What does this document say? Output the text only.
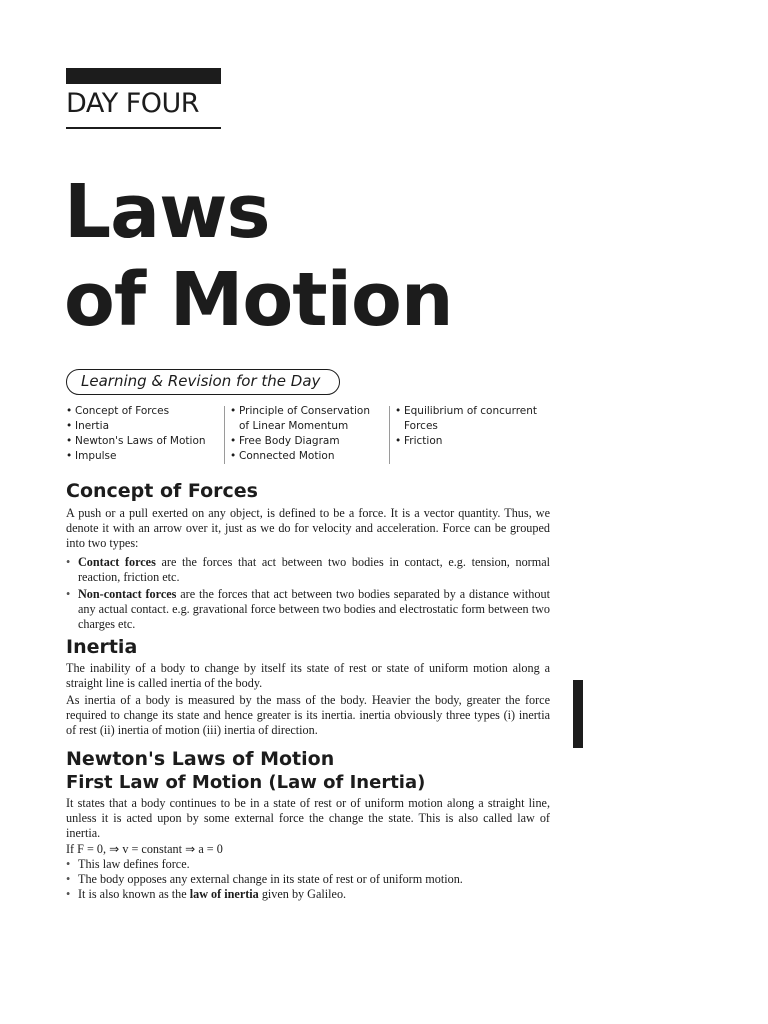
DAY FOUR
Laws
of Motion
Learning & Revision for the Day
• Concept of Forces
• Inertia
• Newton's Laws of Motion
• Impulse
• Principle of Conservation of Linear Momentum
• Free Body Diagram
• Connected Motion
• Equilibrium of concurrent Forces
• Friction
Concept of Forces

A push or a pull exerted on any object, is defined to be a force. It is a vector quantity. Thus, we denote it with an arrow over it, just as we do for velocity and acceleration. Force can be grouped into two types:

• Contact forces are the forces that act between two bodies in contact, e.g. tension, normal reaction, friction etc.
• Non-contact forces are the forces that act between two bodies separated by a distance without any actual contact. e.g. gravational force between two bodies and electrostatic form between two charges etc.
Inertia

The inability of a body to change by itself its state of rest or state of uniform motion along a straight line is called inertia of the body.

As inertia of a body is measured by the mass of the body. Heavier the body, greater the force required to change its state and hence greater is its inertia. inertia obviously three types (i) inertia of rest (ii) inertia of motion (iii) inertia of direction.

Newton's Laws of Motion
First Law of Motion (Law of Inertia)

It states that a body continues to be in a state of rest or of uniform motion along a straight line, unless it is acted upon by some external force the change the state. This is also called law of inertia.

If F = 0, ⇒ v = constant ⇒ a = 0

• This law defines force.
• The body opposes any external change in its state of rest or of uniform motion.
• It is also known as the law of inertia given by Galileo.
